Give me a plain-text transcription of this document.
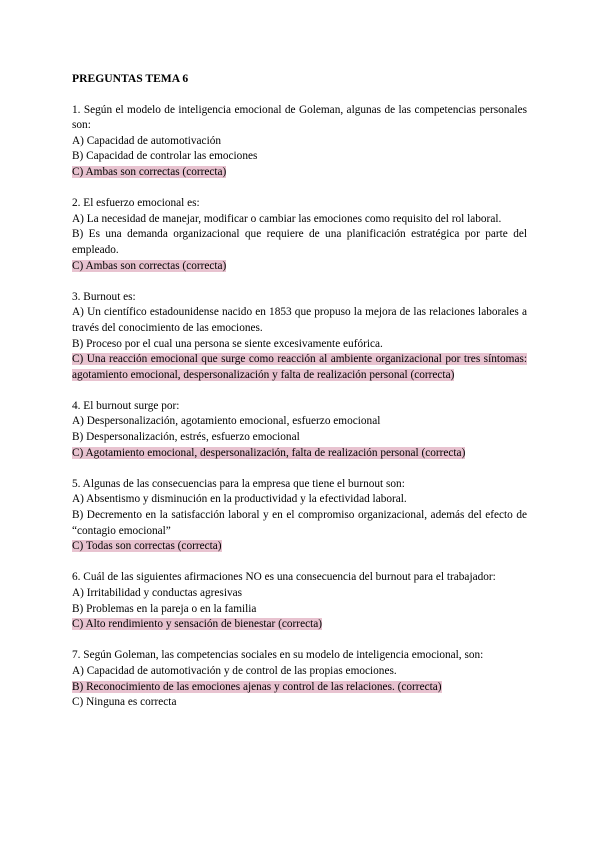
PREGUNTAS TEMA 6

1. Según el modelo de inteligencia emocional de Goleman, algunas de las competencias personales son:

A) Capacidad de automotivación

B) Capacidad de controlar las emociones

C) Ambas son correctas (correcta)

2. El esfuerzo emocional es:

A) La necesidad de manejar, modificar o cambiar las emociones como requisito del rol laboral.

B) Es una demanda organizacional que requiere de una planificación estratégica por parte del empleado.

C) Ambas son correctas (correcta)

3. Burnout es:

A) Un científico estadounidense nacido en 1853 que propuso la mejora de las relaciones laborales a través del conocimiento de las emociones.

B) Proceso por el cual una persona se siente excesivamente eufórica.

C) Una reacción emocional que surge como reacción al ambiente organizacional por tres síntomas: agotamiento emocional, despersonalización y falta de realización personal (correcta)

4. El burnout surge por:

A) Despersonalización, agotamiento emocional, esfuerzo emocional

B) Despersonalización, estrés, esfuerzo emocional

C) Agotamiento emocional, despersonalización, falta de realización personal (correcta)

5. Algunas de las consecuencias para la empresa que tiene el burnout son:

A) Absentismo y disminución en la productividad y la efectividad laboral.

B) Decremento en la satisfacción laboral y en el compromiso organizacional, además del efecto de “contagio emocional”

C) Todas son correctas (correcta)

6. Cuál de las siguientes afirmaciones NO es una consecuencia del burnout para el trabajador:

A) Irritabilidad y conductas agresivas

B) Problemas en la pareja o en la familia

C) Alto rendimiento y sensación de bienestar (correcta)

7. Según Goleman, las competencias sociales en su modelo de inteligencia emocional, son:

A) Capacidad de automotivación y de control de las propias emociones.

B) Reconocimiento de las emociones ajenas y control de las relaciones. (correcta)

C) Ninguna es correcta
